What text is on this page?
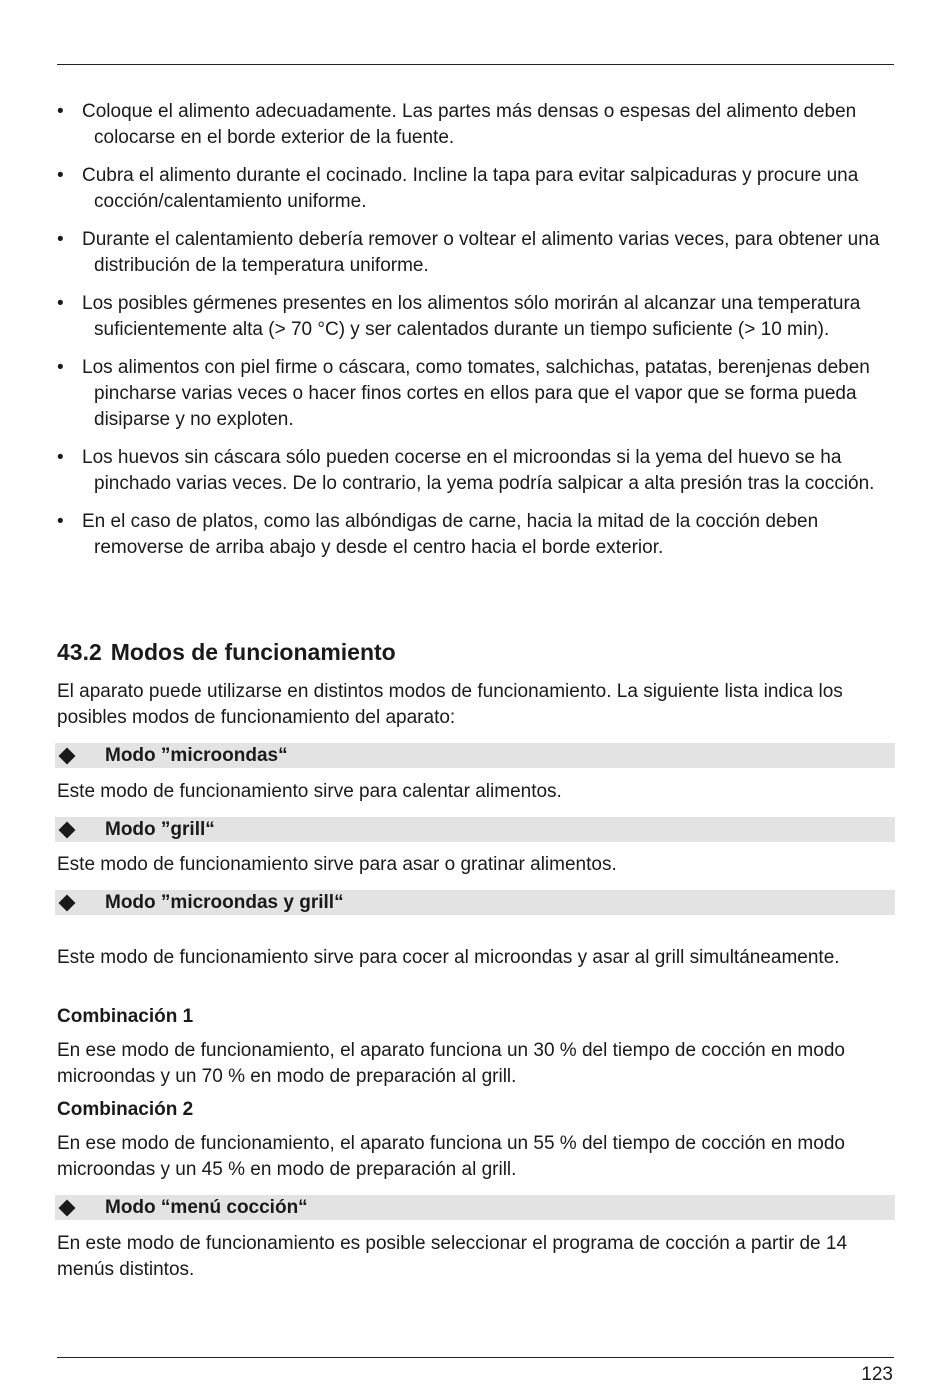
• Coloque el alimento adecuadamente. Las partes más densas o espesas del alimento deben colocarse en el borde exterior de la fuente.
• Cubra el alimento durante el cocinado. Incline la tapa para evitar salpicaduras y procure una cocción/calentamiento uniforme.
• Durante el calentamiento debería remover o voltear el alimento varias veces, para obtener una distribución de la temperatura uniforme.
• Los posibles gérmenes presentes en los alimentos sólo morirán al alcanzar una temperatura suficientemente alta (> 70 °C) y ser calentados durante un tiempo suficiente (> 10 min).
• Los alimentos con piel firme o cáscara, como tomates, salchichas, patatas, berenjenas deben pincharse varias veces o hacer finos cortes en ellos para que el vapor que se forma pueda disiparse y no exploten.
• Los huevos sin cáscara sólo pueden cocerse en el microondas si la yema del huevo se ha pinchado varias veces. De lo contrario, la yema podría salpicar a alta presión tras la cocción.
• En el caso de platos, como las albóndigas de carne, hacia la mitad de la cocción deben removerse de arriba abajo y desde el centro hacia el borde exterior.
43.2 Modos de funcionamiento

El aparato puede utilizarse en distintos modos de funcionamiento. La siguiente lista indica los posibles modos de funcionamiento del aparato:

Modo ”microondas“

Este modo de funcionamiento sirve para calentar alimentos.

Modo ”grill“

Este modo de funcionamiento sirve para asar o gratinar alimentos.

Modo ”microondas y grill“

Este modo de funcionamiento sirve para cocer al microondas y asar al grill simultáneamente.

Combinación 1

En ese modo de funcionamiento, el aparato funciona un 30 % del tiempo de cocción en modo microondas y un 70 % en modo de preparación al grill.

Combinación 2

En ese modo de funcionamiento, el aparato funciona un 55 % del tiempo de cocción en modo microondas y un 45 % en modo de preparación al grill.

Modo “menú cocción“

En este modo de funcionamiento es posible seleccionar el programa de cocción a partir de 14 menús distintos.

123
